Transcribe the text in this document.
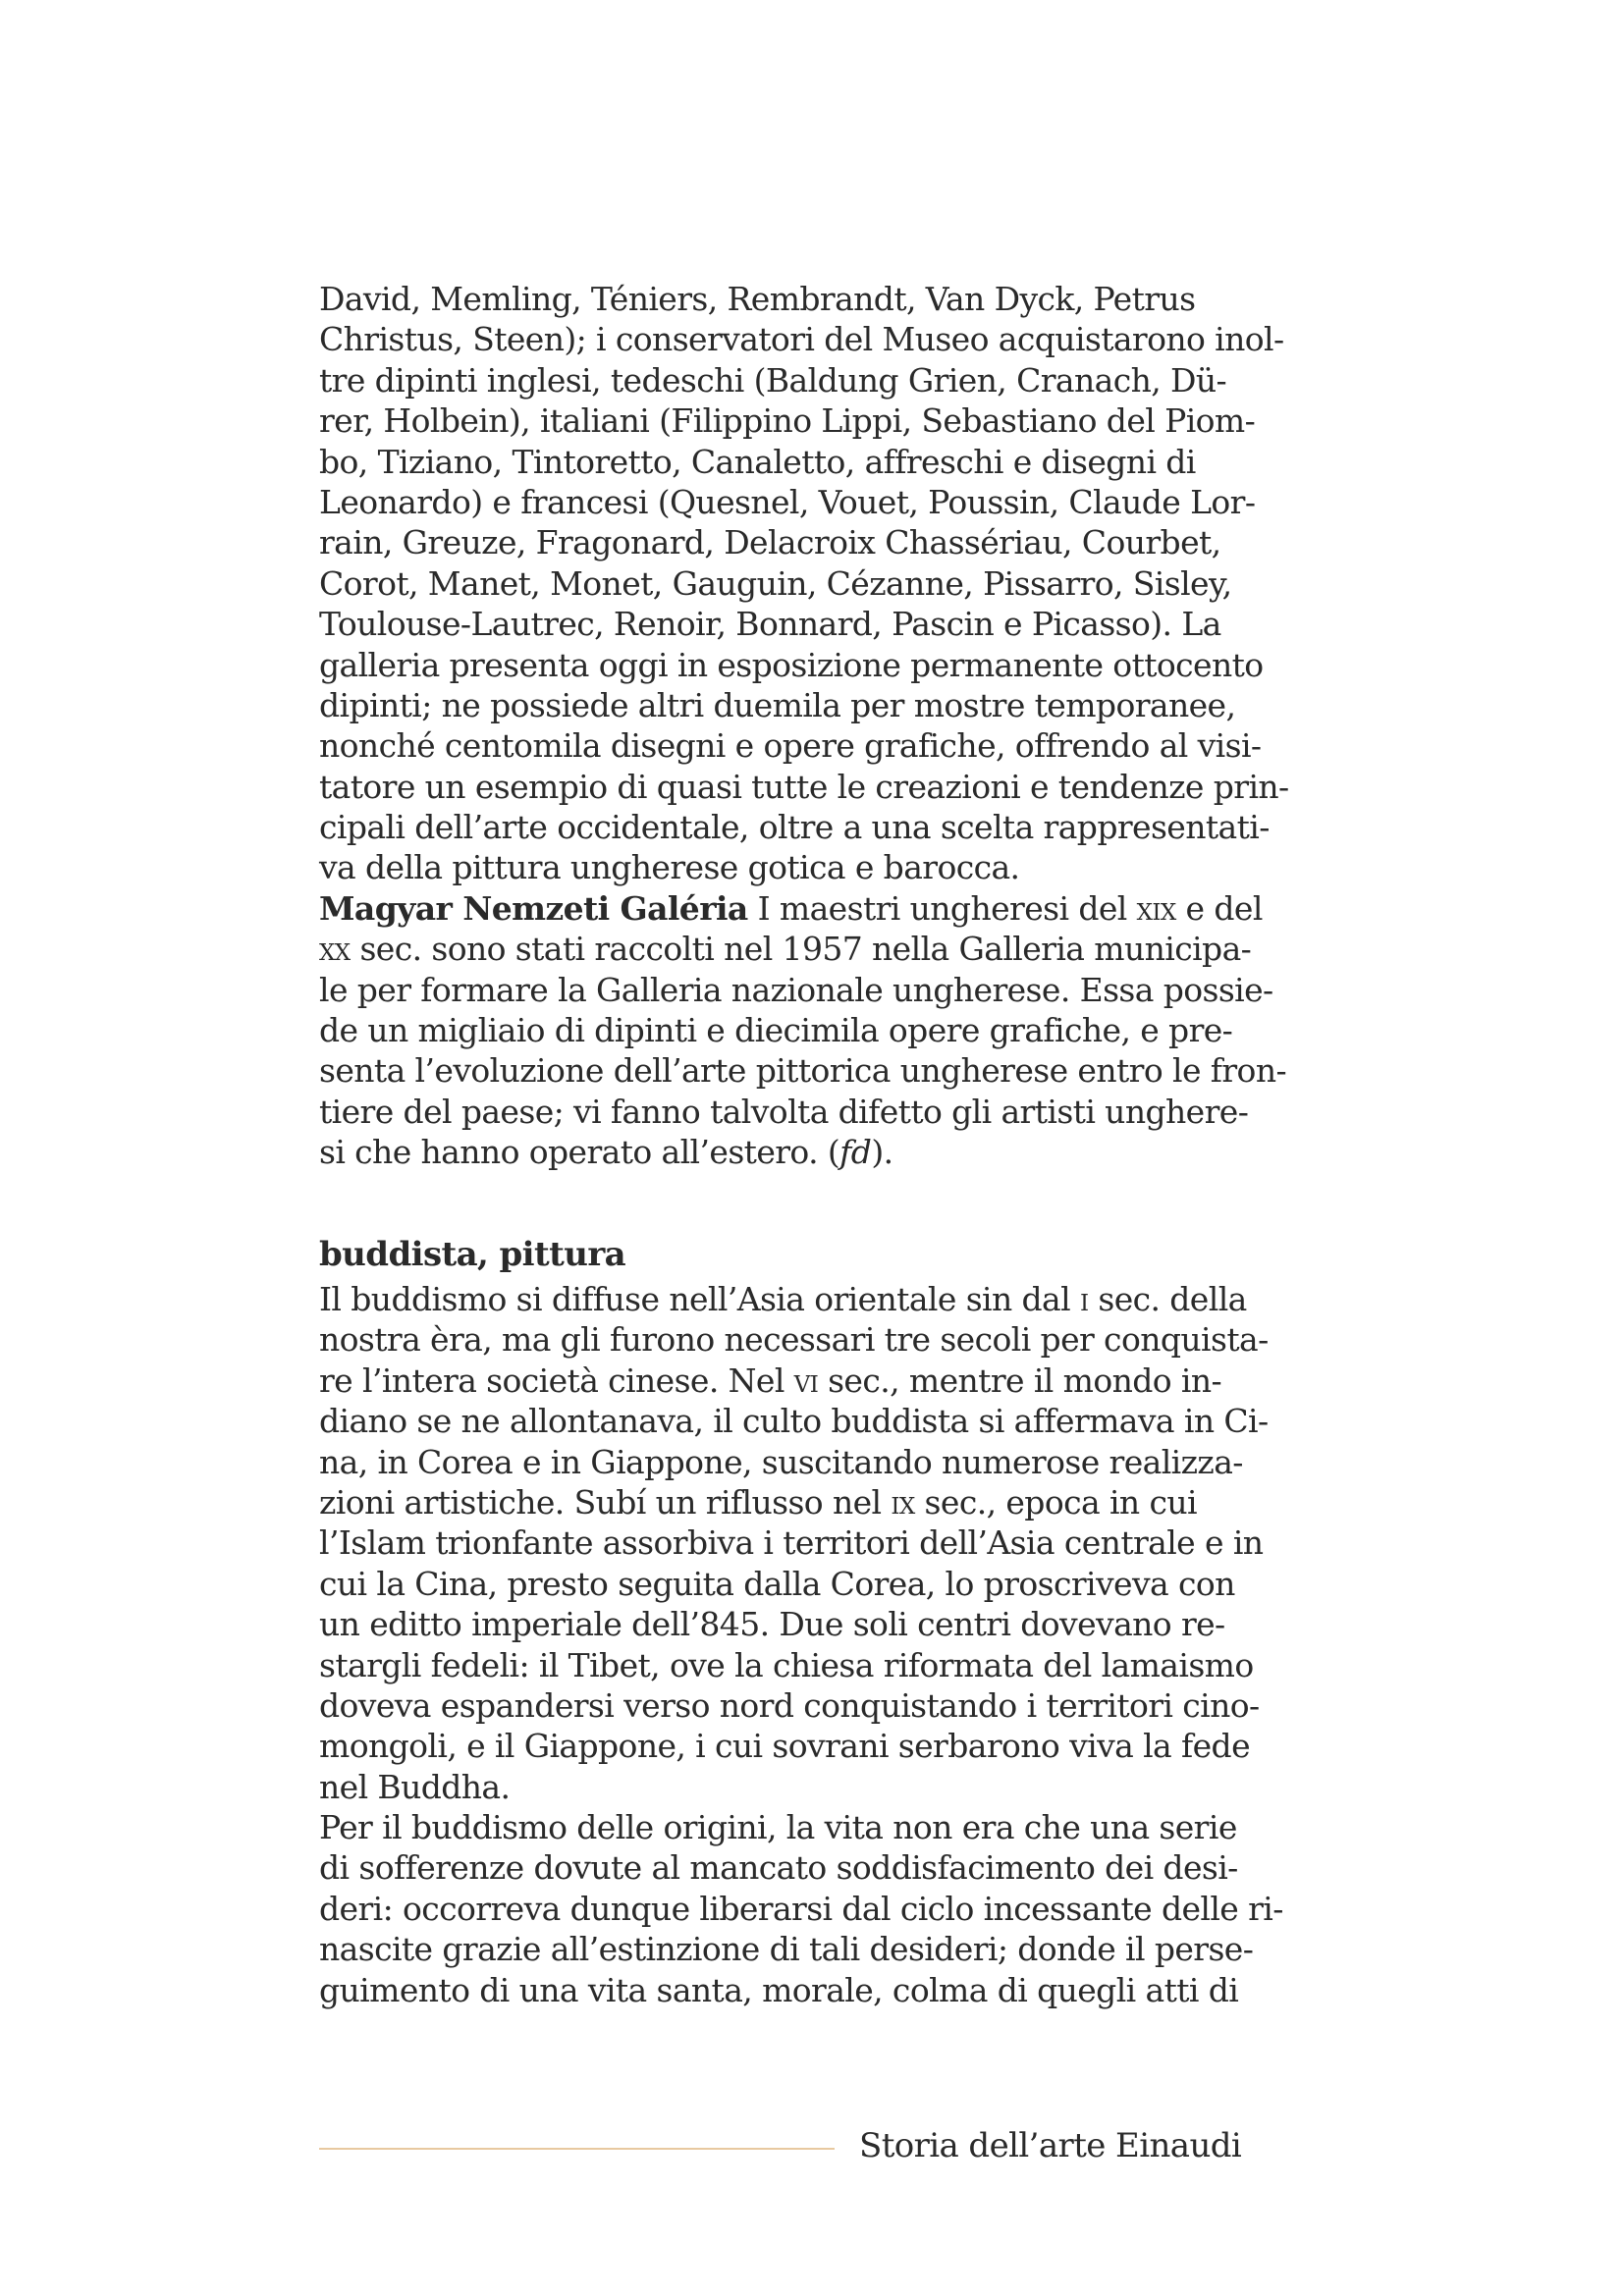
David, Memling, Téniers, Rembrandt, Van Dyck, Petrus
Christus, Steen); i conservatori del Museo acquistarono inol-
tre dipinti inglesi, tedeschi (Baldung Grien, Cranach, Dü-
rer, Holbein), italiani (Filippino Lippi, Sebastiano del Piom-
bo, Tiziano, Tintoretto, Canaletto, affreschi e disegni di
Leonardo) e francesi (Quesnel, Vouet, Poussin, Claude Lor-
rain, Greuze, Fragonard, Delacroix Chassériau, Courbet,
Corot, Manet, Monet, Gauguin, Cézanne, Pissarro, Sisley,
Toulouse-Lautrec, Renoir, Bonnard, Pascin e Picasso). La
galleria presenta oggi in esposizione permanente ottocento
dipinti; ne possiede altri duemila per mostre temporanee,
nonché centomila disegni e opere grafiche, offrendo al visi-
tatore un esempio di quasi tutte le creazioni e tendenze prin-
cipali dell’arte occidentale, oltre a una scelta rappresentati-
va della pittura ungherese gotica e barocca.
Magyar Nemzeti Galéria I maestri ungheresi del xix e del
xx sec. sono stati raccolti nel 1957 nella Galleria municipa-
le per formare la Galleria nazionale ungherese. Essa possie-
de un migliaio di dipinti e diecimila opere grafiche, e pre-
senta l’evoluzione dell’arte pittorica ungherese entro le fron-
tiere del paese; vi fanno talvolta difetto gli artisti unghere-
si che hanno operato all’estero. (fd).
buddista, pittura
Il buddismo si diffuse nell’Asia orientale sin dal i sec. della
nostra èra, ma gli furono necessari tre secoli per conquista-
re l’intera società cinese. Nel vi sec., mentre il mondo in-
diano se ne allontanava, il culto buddista si affermava in Ci-
na, in Corea e in Giappone, suscitando numerose realizza-
zioni artistiche. Subí un riflusso nel ix sec., epoca in cui
l’Islam trionfante assorbiva i territori dell’Asia centrale e in
cui la Cina, presto seguita dalla Corea, lo proscriveva con
un editto imperiale dell’845. Due soli centri dovevano re-
stargli fedeli: il Tibet, ove la chiesa riformata del lamaismo
doveva espandersi verso nord conquistando i territori cino-
mongoli, e il Giappone, i cui sovrani serbarono viva la fede
nel Buddha.
Per il buddismo delle origini, la vita non era che una serie
di sofferenze dovute al mancato soddisfacimento dei desi-
deri: occorreva dunque liberarsi dal ciclo incessante delle ri-
nascite grazie all’estinzione di tali desideri; donde il perse-
guimento di una vita santa, morale, colma di quegli atti di
Storia dell’arte Einaudi
